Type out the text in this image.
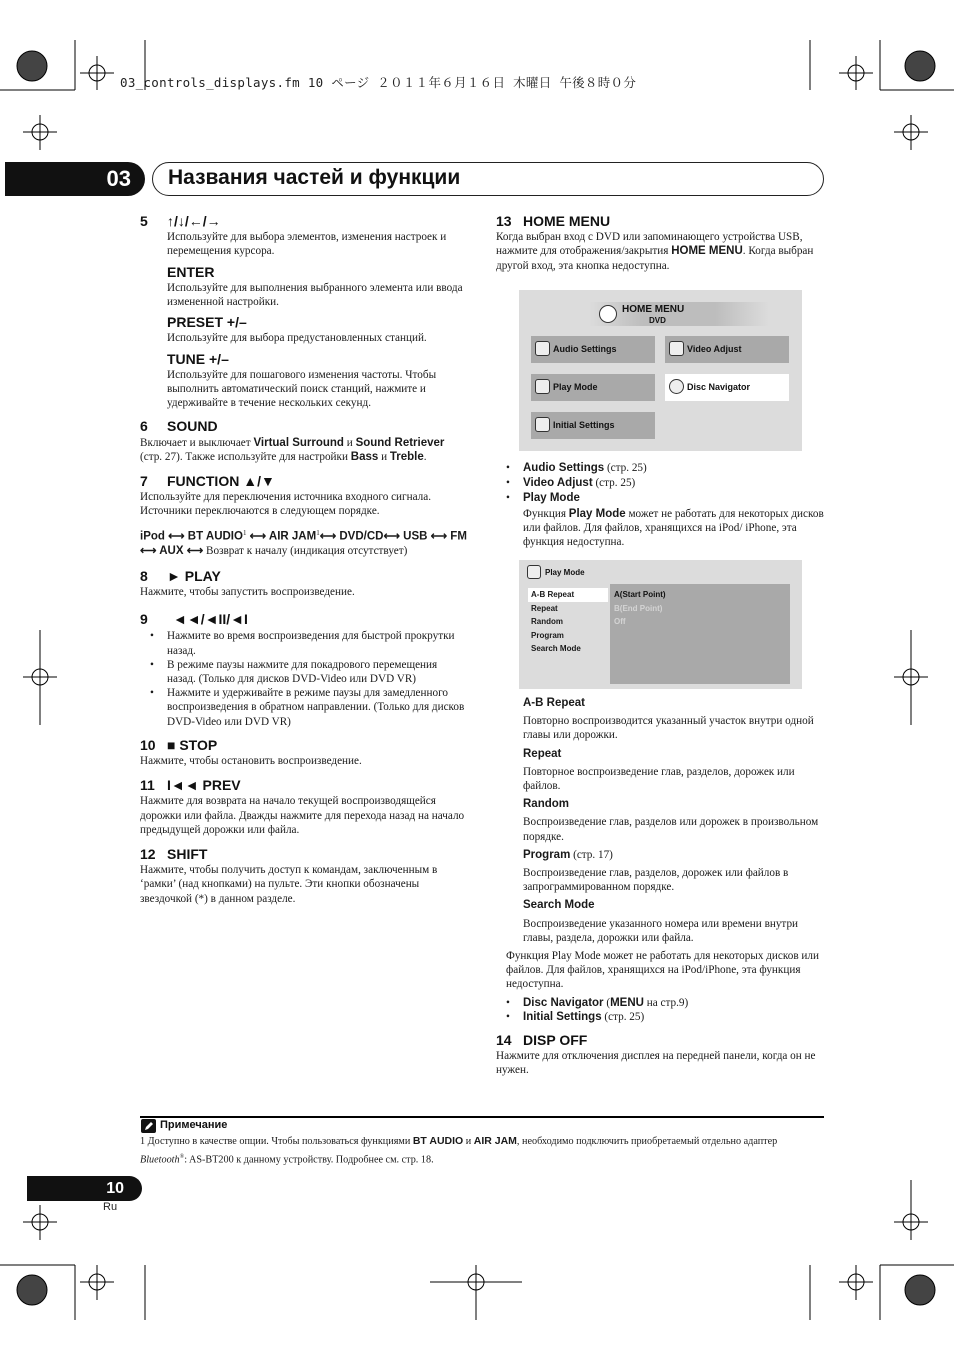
03_controls_displays.fm 10 ページ ２０１１年６月１６日 木曜日 午後８時０分
03	Названия частей и функции

5 ↑/↓/←/→

Используйте для выбора элементов, изменения настроек и перемещения курсора.

ENTER

Используйте для выполнения выбранного элемента или ввода измененной настройки.

PRESET +/–

Используйте для выбора предустановленных станций.

TUNE +/–

Используйте для пошагового изменения частоты. Чтобы выполнить автоматический поиск станций, нажмите и удерживайте в течение нескольких секунд.

6 SOUND

Включает и выключает Virtual Surround и Sound Retriever (стр. 27). Также используйте для настройки Bass и Treble.

7 FUNCTION ▲/▼

Используйте для переключения источника входного сигнала. Источники переключаются в следующем порядке.

iPod ⟷ BT AUDIO$^1$ ⟷ AIR JAM$^1$⟷ DVD/CD⟷ USB ⟷ FM ⟷ AUX ⟷ Возврат к началу (индикация отсутствует)

8 ► PLAY

Нажмите, чтобы запустить воспроизведение.

9 ◄◄/◄II/◄I

• Нажмите во время воспроизведения для быстрой прокрутки назад.

• В режиме паузы нажмите для покадрового перемещения назад. (Только для дисков DVD-Video или DVD VR)

• Нажмите и удерживайте в режиме паузы для замедленного воспроизведения в обратном направлении. (Только для дисков DVD-Video или DVD VR)

10 ■ STOP

Нажмите, чтобы остановить воспроизведение.

11 I◄◄ PREV

Нажмите для возврата на начало текущей воспроизводящейся дорожки или файла. Дважды нажмите для перехода назад на начало предыдущей дорожки или файла.

12 SHIFT

Нажмите, чтобы получить доступ к командам, заключенным в ‘рамки’ (над кнопками) на пульте. Эти кнопки обозначены звездочкой (*) в данном разделе.

13 HOME MENU

Когда выбран вход с DVD или запоминающего устройства USB, нажмите для отображения/закрытия HOME MENU. Когда выбран другой вход, эта кнопка недоступна.

HOME MENU
DVD
Audio Settings	Video Adjust
Play Mode	Disc Navigator
Initial Settings

• Audio Settings (стр. 25)

• Video Adjust (стр. 25)

• Play Mode

Функция Play Mode может не работать для некоторых дисков или файлов. Для файлов, хранящихся на iPod/ iPhone, эта функция недоступна.

Play Mode
A-B Repeat
Repeat
Random
Program
Search Mode
A(Start Point)
B(End Point)
Off

A-B Repeat

Повторно воспроизводится указанный участок внутри одной главы или дорожки.

Repeat

Повторное воспроизведение глав, разделов, дорожек или файлов.

Random

Воспроизведение глав, разделов или дорожек в произвольном порядке.

Program (стр. 17)

Воспроизведение глав, разделов, дорожек или файлов в запрограммированном порядке.

Search Mode

Воспроизведение указанного номера или времени внутри главы, раздела, дорожки или файла.

Функция Play Mode может не работать для некоторых дисков или файлов. Для файлов, хранящихся на iPod/iPhone, эта функция недоступна.

• Disc Navigator (MENU на стр.9)

• Initial Settings (стр. 25)

14 DISP OFF

Нажмите для отключения дисплея на передней панели, когда он не нужен.

Примечание

1 Доступно в качестве опции. Чтобы пользоваться функциями BT AUDIO и AIR JAM, необходимо подключить приобретаемый отдельно адаптер Bluetooth®: AS-BT200 к данному устройству. Подробнее см. стр. 18.

10
Ru
